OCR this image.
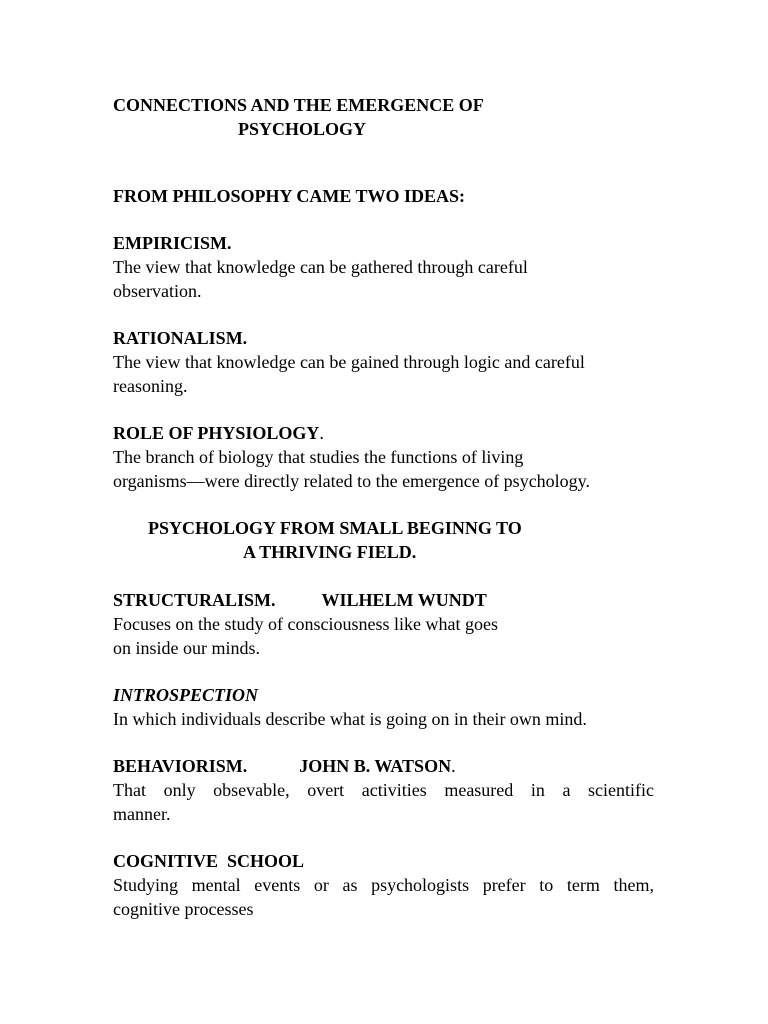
CONNECTIONS AND THE EMERGENCE OF
PSYCHOLOGY
FROM PHILOSOPHY CAME TWO IDEAS:
EMPIRICISM.
The view that knowledge can be gathered through careful
observation.
RATIONALISM.
The view that knowledge can be gained through logic and careful
reasoning.
ROLE OF PHYSIOLOGY.
The branch of biology that studies the functions of living
organisms—were directly related to the emergence of psychology.
PSYCHOLOGY FROM SMALL BEGINNG TO
A THRIVING FIELD.
STRUCTURALISM.	WILHELM WUNDT
Focuses on the study of consciousness like what goes
on inside our minds.
INTROSPECTION
In which individuals describe what is going on in their own mind.
BEHAVIORISM.	JOHN B. WATSON.
That only obsevable, overt activities measured in a scientific
manner.
COGNITIVE  SCHOOL
Studying mental events or as psychologists prefer to term them,
cognitive processes
